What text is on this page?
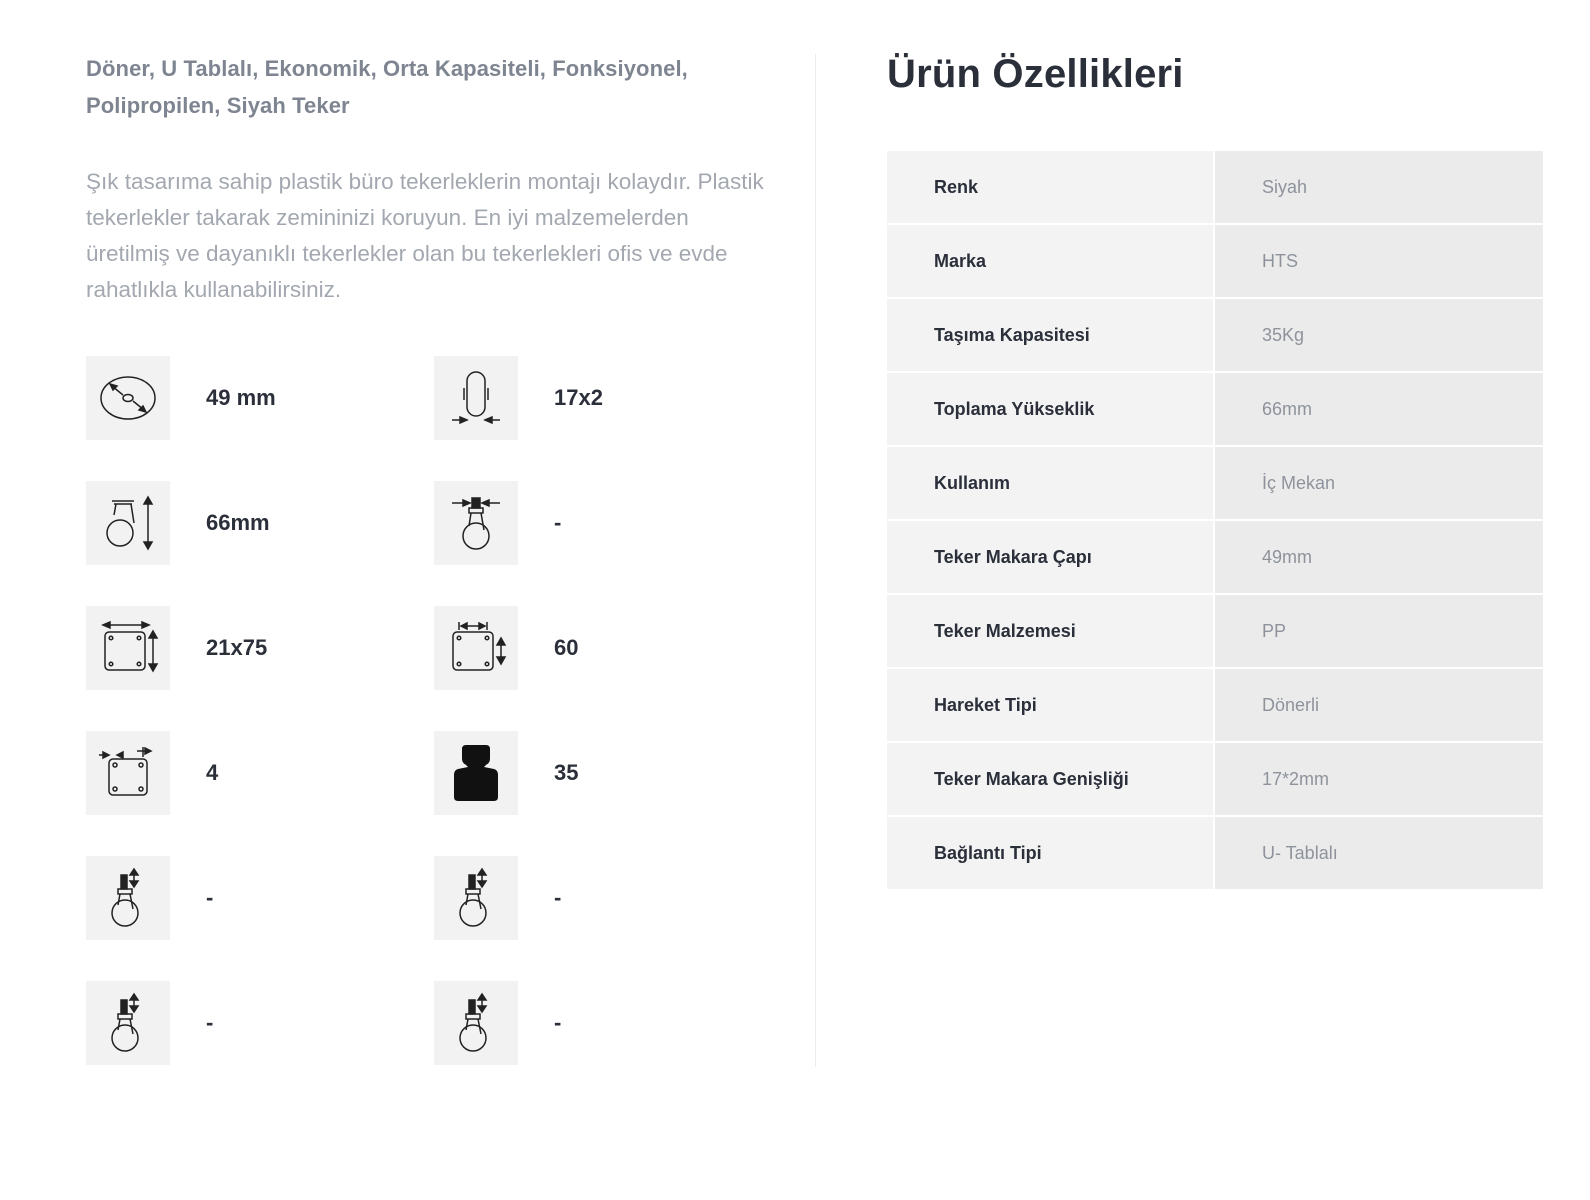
Döner, U Tablalı, Ekonomik, Orta Kapasiteli, Fonksiyonel,
Polipropilen, Siyah Teker

Şık tasarıma sahip plastik büro tekerleklerin montajı kolaydır. Plastik tekerlekler takarak zemininizi koruyun. En iyi malzemelerden üretilmiş ve dayanıklı tekerlekler olan bu tekerlekleri ofis ve evde rahatlıkla kullanabilirsiniz.

49 mm	17x2
66mm	-
21x75	60
4	35
-	-
-	-
Ürün Özellikleri
Renk	Siyah
Marka	HTS
Taşıma Kapasitesi	35Kg
Toplama Yükseklik	66mm
Kullanım	İç Mekan
Teker Makara Çapı	49mm
Teker Malzemesi	PP
Hareket Tipi	Dönerli
Teker Makara Genişliği	17*2mm
Bağlantı Tipi	U- Tablalı
